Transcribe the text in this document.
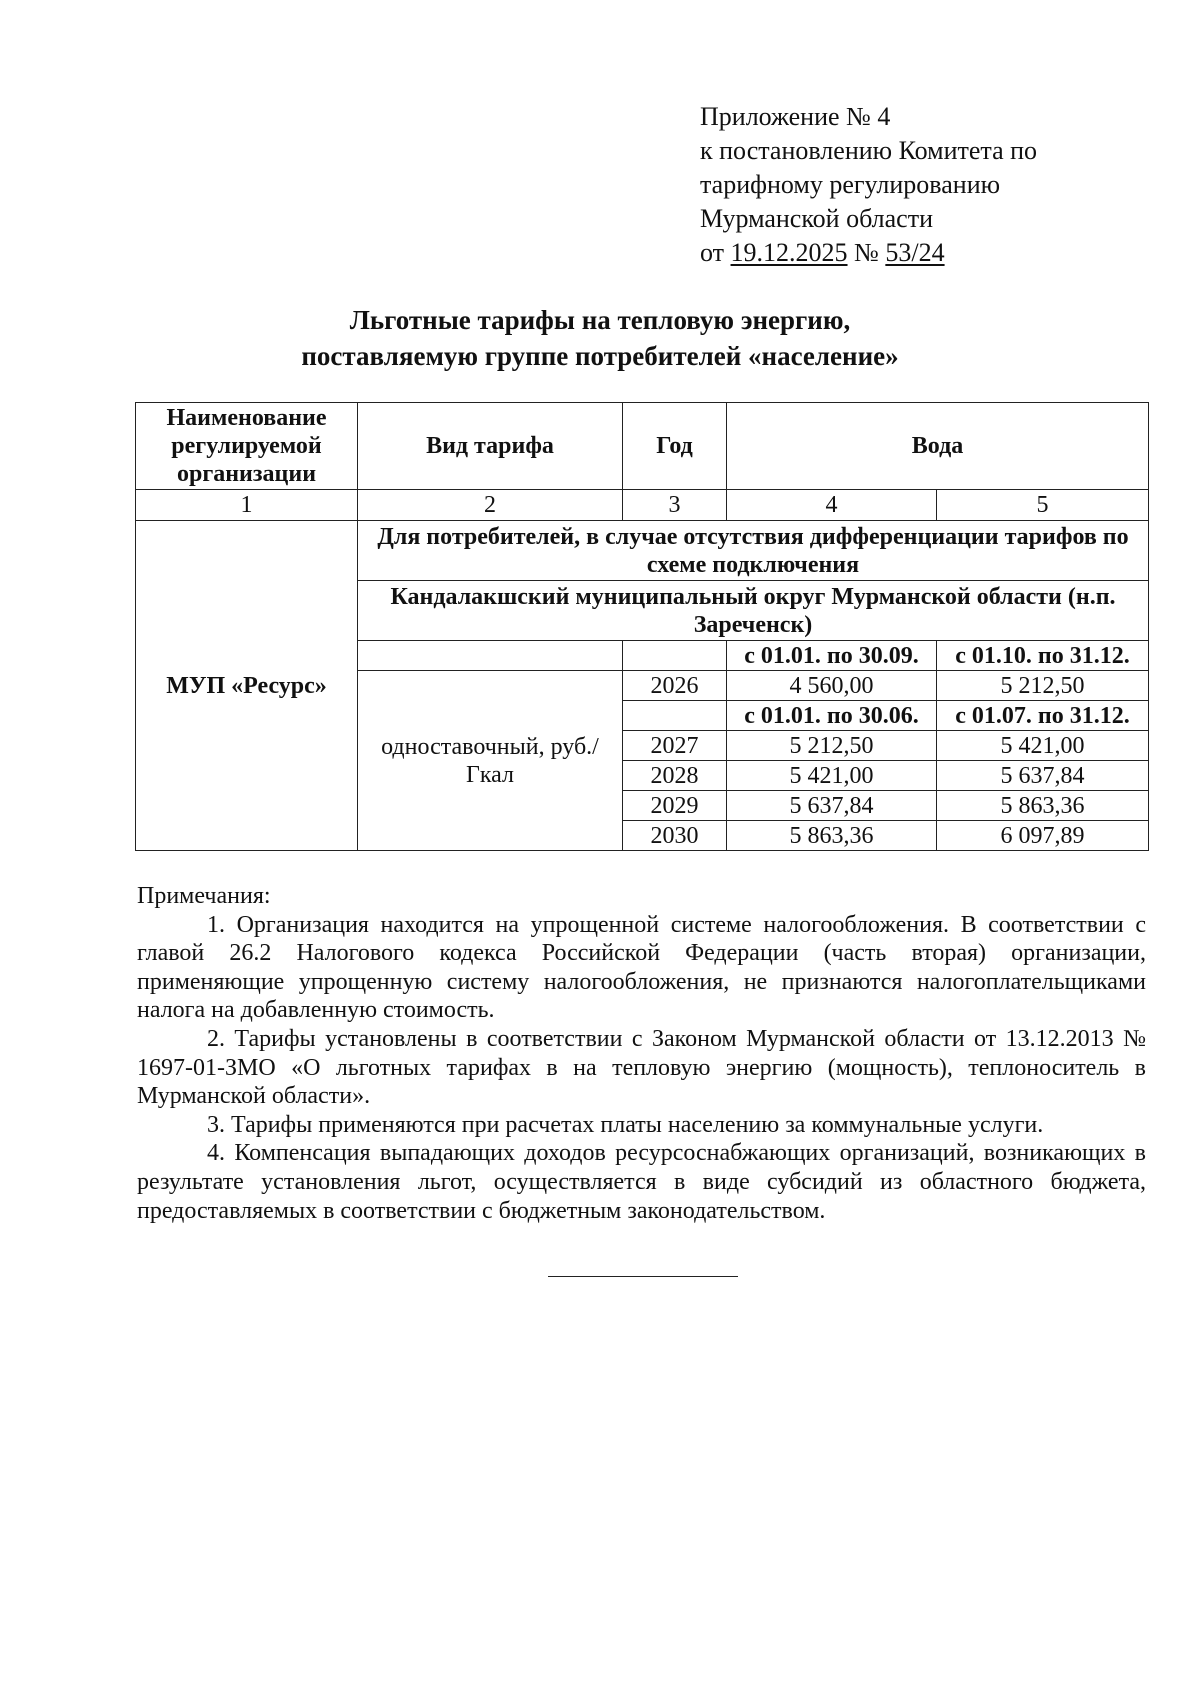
Приложение № 4
к постановлению Комитета по
тарифному регулированию
Мурманской области
от 19.12.2025 № 53/24
Льготные тарифы на тепловую энергию,
поставляемую группе потребителей «население»
Наименование регулируемой организации	Вид тарифа	Год	Вода	
1	2	3	4	5
МУП «Ресурс»	Для потребителей, в случае отсутствия дифференциации тарифов по схеме подключения			
	Кандалакшский муниципальный округ Мурманской области (н.п. Зареченск)			
			с 01.01. по 30.09.	с 01.10. по 31.12.
	одноставочный, руб./Гкал	2026	4 560,00	5 212,50
			с 01.01. по 30.06.	с 01.07. по 31.12.
		2027	5 212,50	5 421,00
		2028	5 421,00	5 637,84
		2029	5 637,84	5 863,36
		2030	5 863,36	6 097,89

Примечания:

1. Организация находится на упрощенной системе налогообложения. В соответствии с главой 26.2 Налогового кодекса Российской Федерации (часть вторая) организации, применяющие упрощенную систему налогообложения, не признаются налогоплательщиками налога на добавленную стоимость.

2. Тарифы установлены в соответствии с Законом Мурманской области от 13.12.2013 № 1697-01-ЗМО «О льготных тарифах в на тепловую энергию (мощность), теплоноситель в Мурманской области».

3. Тарифы применяются при расчетах платы населению за коммунальные услуги.

4. Компенсация выпадающих доходов ресурсоснабжающих организаций, возникающих в результате установления льгот, осуществляется в виде субсидий из областного бюджета, предоставляемых в соответствии с бюджетным законодательством.
